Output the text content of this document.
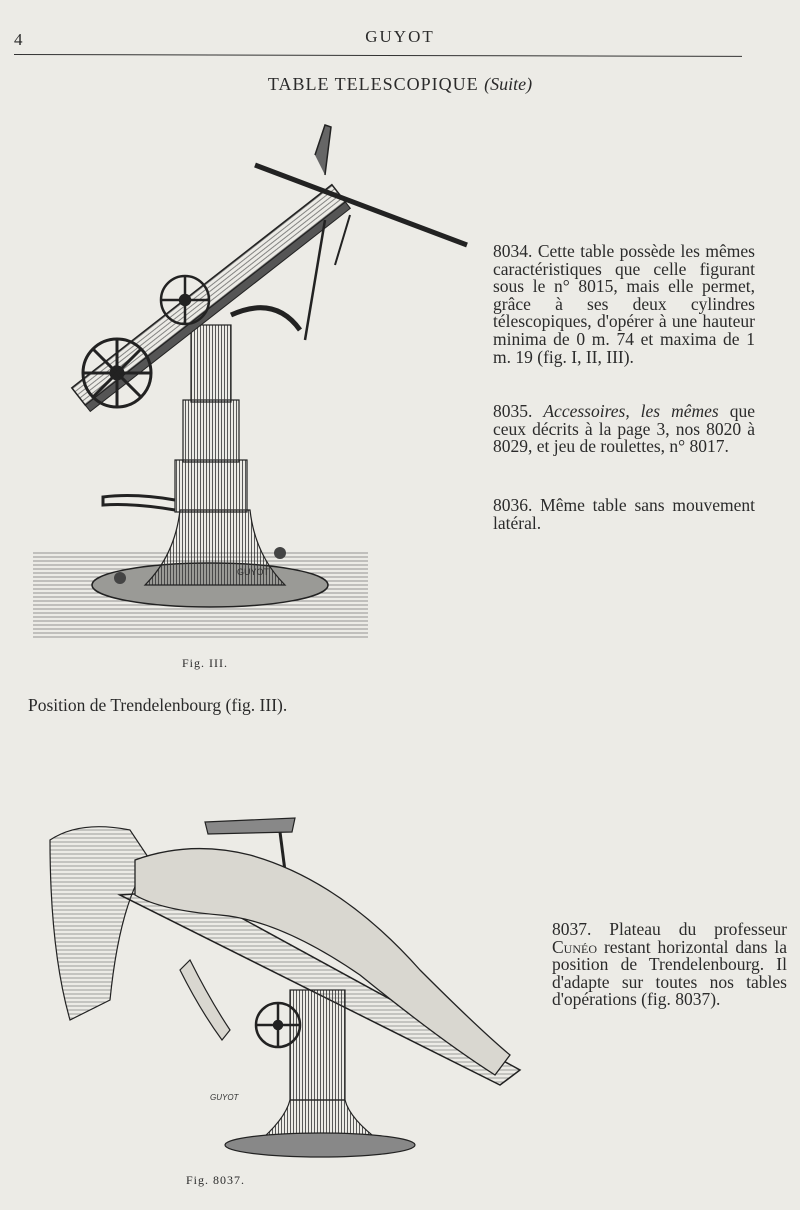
4	GUYOT
TABLE TELESCOPIQUE (Suite)
GUYOT
Fig. III.
Position de Trendelenbourg (fig. III).
8034. Cette table possède les mêmes caractéristiques que celle figurant sous le n° 8015, mais elle permet, grâce à ses deux cylindres télescopiques, d'opérer à une hauteur minima de 0 m. 74 et maxima de 1 m. 19 (fig. I, II, III).
8035. Accessoires, les mêmes que ceux décrits à la page 3, nos 8020 à 8029, et jeu de roulettes, n° 8017.
8036. Même table sans mouvement latéral.
GUYOT
8037. Plateau du professeur Cunéo restant horizontal dans la position de Trendelenbourg. Il d'adapte sur toutes nos tables d'opérations (fig. 8037).
Fig. 8037.
